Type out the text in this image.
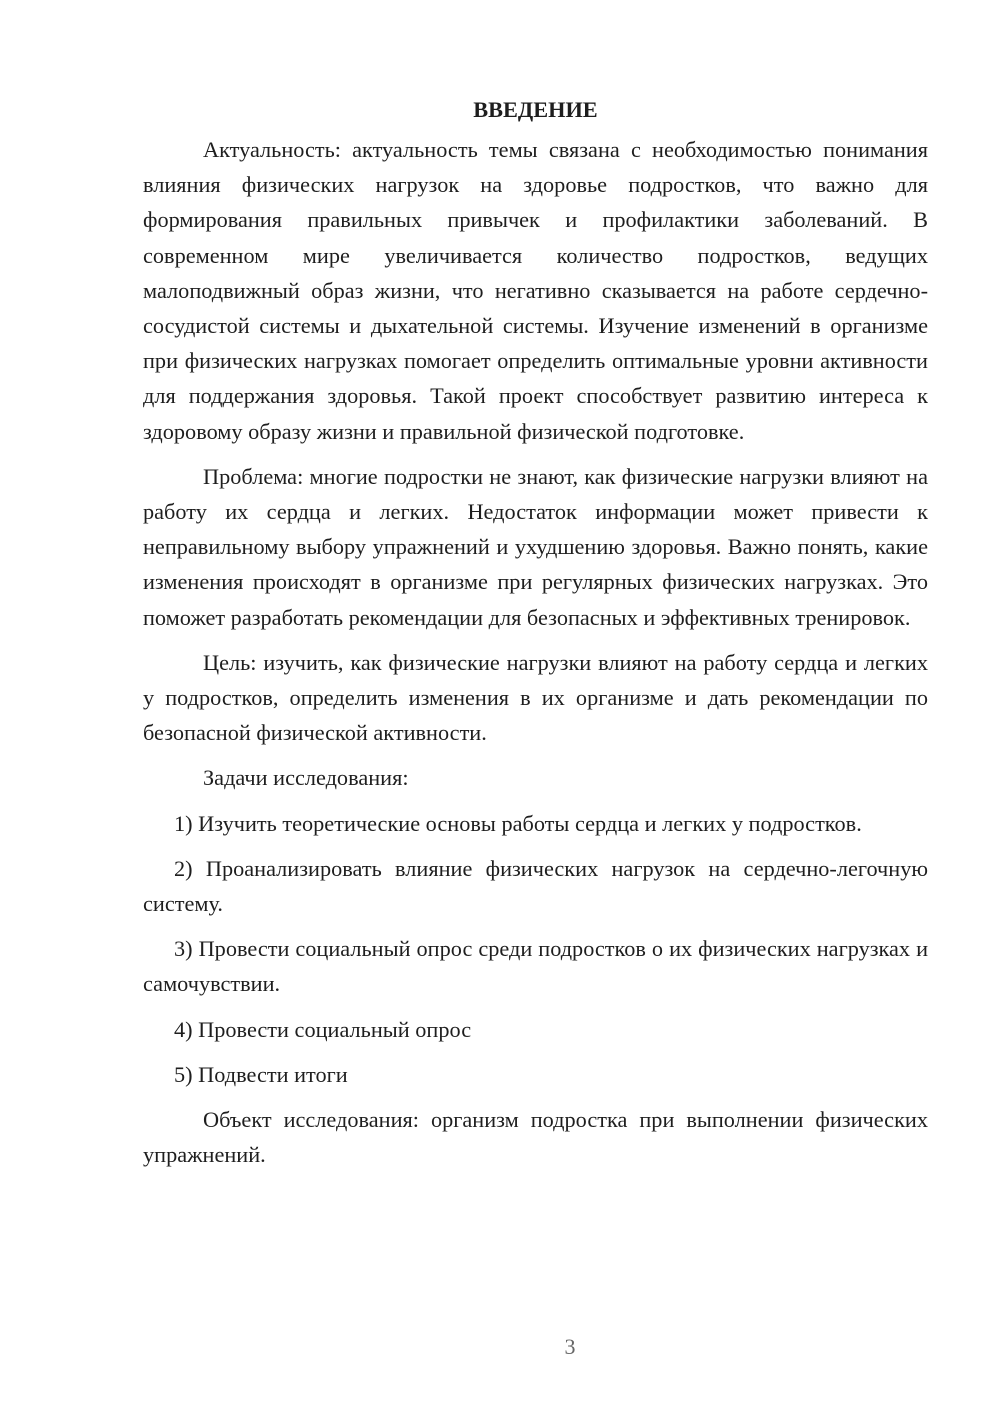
ВВЕДЕНИЕ

Актуальность: актуальность темы связана с необходимостью понимания влияния физических нагрузок на здоровье подростков, что важно для формирования правильных привычек и профилактики заболеваний. В современном мире увеличивается количество подростков, ведущих малоподвижный образ жизни, что негативно сказывается на работе сердечно-сосудистой системы и дыхательной системы. Изучение изменений в организме при физических нагрузках помогает определить оптимальные уровни активности для поддержания здоровья. Такой проект способствует развитию интереса к здоровому образу жизни и правильной физической подготовке.

Проблема: многие подростки не знают, как физические нагрузки влияют на работу их сердца и легких. Недостаток информации может привести к неправильному выбору упражнений и ухудшению здоровья. Важно понять, какие изменения происходят в организме при регулярных физических нагрузках. Это поможет разработать рекомендации для безопасных и эффективных тренировок.

Цель: изучить, как физические нагрузки влияют на работу сердца и легких у подростков, определить изменения в их организме и дать рекомендации по безопасной физической активности.

Задачи исследования:

1) Изучить теоретические основы работы сердца и легких у подростков.

2) Проанализировать влияние физических нагрузок на сердечно-легочную систему.

3) Провести социальный опрос среди подростков о их физических нагрузках и самочувствии.

4) Провести социальный опрос

5) Подвести итоги

Объект исследования: организм подростка при выполнении физических упражнений.

3
